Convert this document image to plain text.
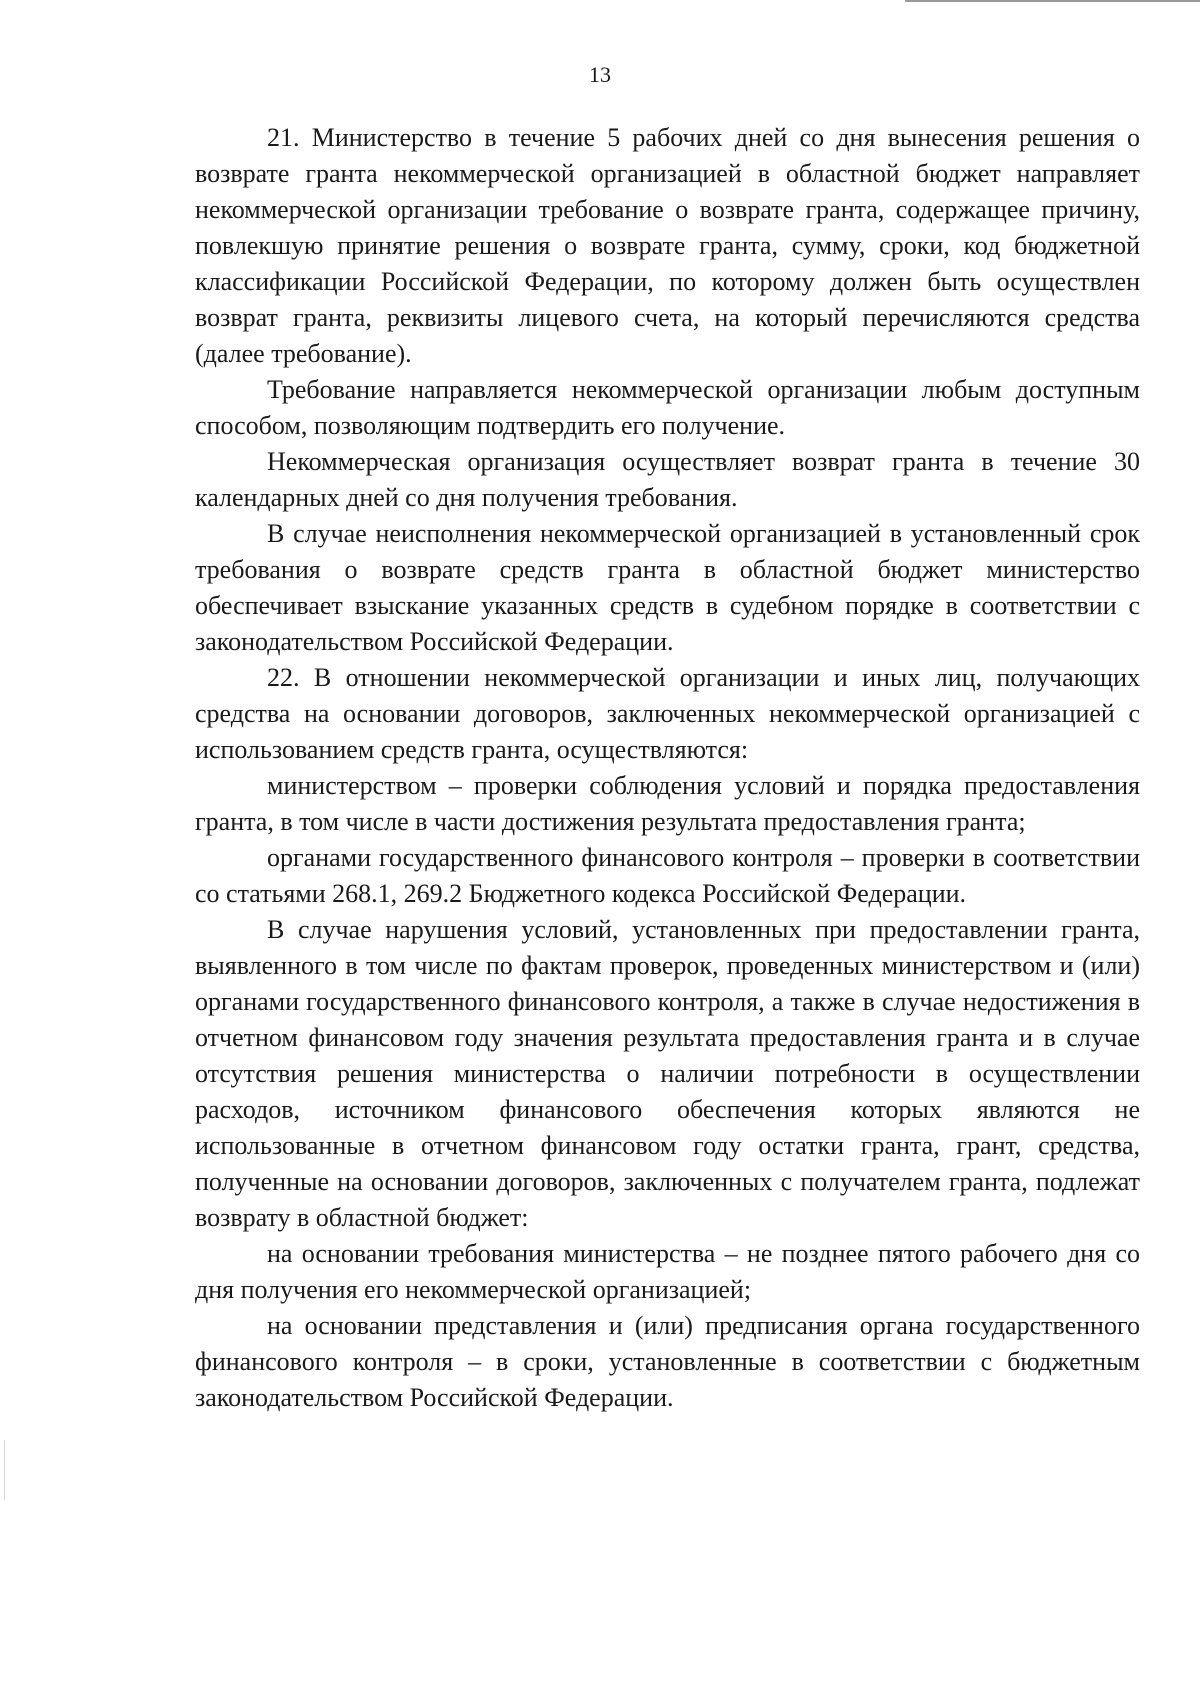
13

21. Министерство в течение 5 рабочих дней со дня вынесения решения о возврате гранта некоммерческой организацией в областной бюджет направляет некоммерческой организации требование о возврате гранта, содержащее причину, повлекшую принятие решения о возврате гранта, сумму, сроки, код бюджетной классификации Российской Федерации, по которому должен быть осуществлен возврат гранта, реквизиты лицевого счета, на который перечисляются средства (далее требование).

Требование направляется некоммерческой организации любым доступным способом, позволяющим подтвердить его получение.

Некоммерческая организация осуществляет возврат гранта в течение 30 календарных дней со дня получения требования.

В случае неисполнения некоммерческой организацией в установленный срок требования о возврате средств гранта в областной бюджет министерство обеспечивает взыскание указанных средств в судебном порядке в соответствии с законодательством Российской Федерации.

22. В отношении некоммерческой организации и иных лиц, получающих средства на основании договоров, заключенных некоммерческой организацией с использованием средств гранта, осуществляются:

министерством – проверки соблюдения условий и порядка предоставления гранта, в том числе в части достижения результата предоставления гранта;

органами государственного финансового контроля – проверки в соответствии со статьями 268.1, 269.2 Бюджетного кодекса Российской Федерации.

В случае нарушения условий, установленных при предоставлении гранта, выявленного в том числе по фактам проверок, проведенных министерством и (или) органами государственного финансового контроля, а также в случае недостижения в отчетном финансовом году значения результата предоставления гранта и в случае отсутствия решения министерства о наличии потребности в осуществлении расходов, источником финансового обеспечения которых являются не использованные в отчетном финансовом году остатки гранта, грант, средства, полученные на основании договоров, заключенных с получателем гранта, подлежат возврату в областной бюджет:

на основании требования министерства – не позднее пятого рабочего дня со дня получения его некоммерческой организацией;

на основании представления и (или) предписания органа государственного финансового контроля – в сроки, установленные в соответствии с бюджетным законодательством Российской Федерации.
